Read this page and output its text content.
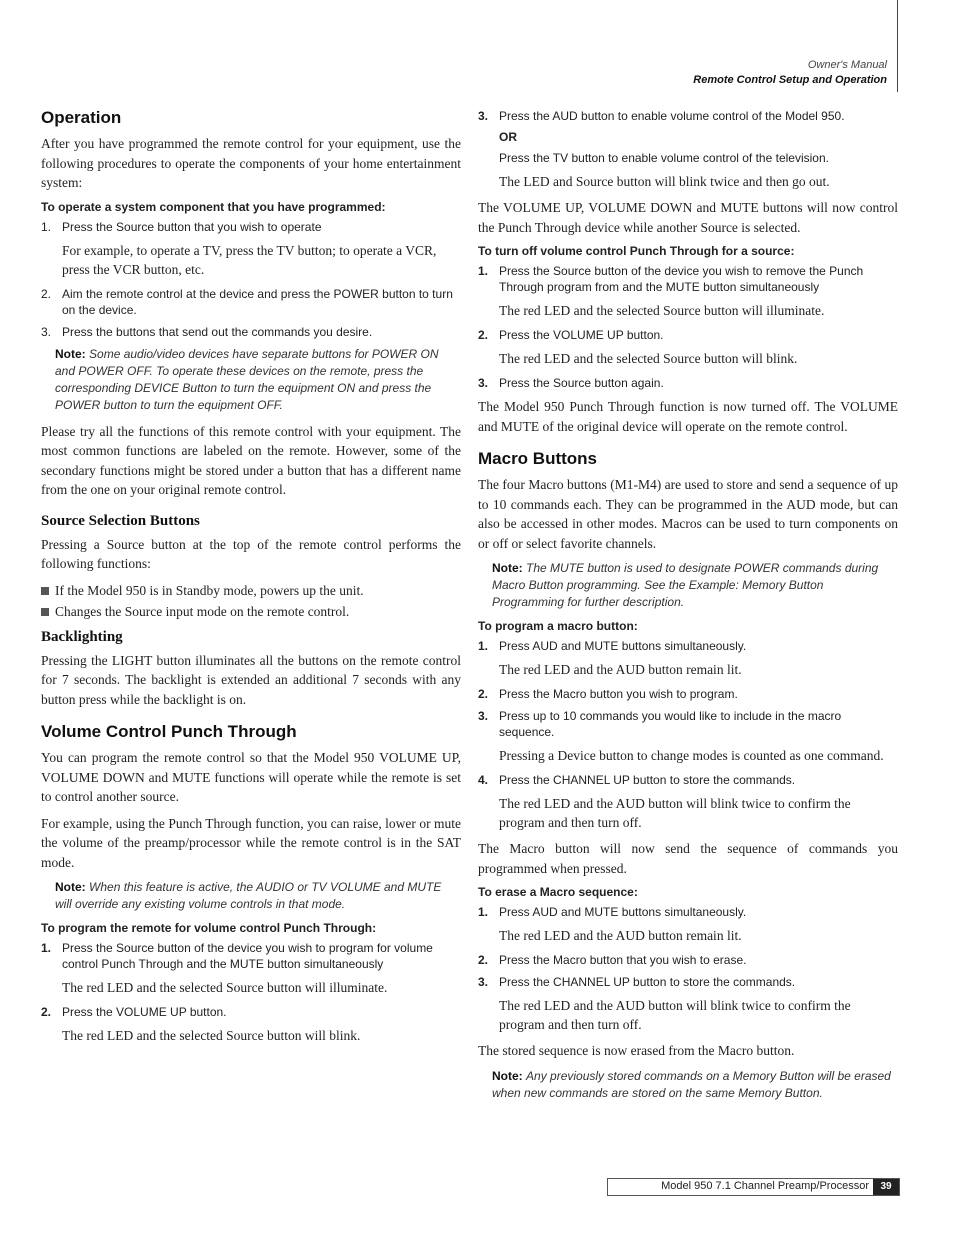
Owner's Manual
Remote Control Setup and Operation
Operation
After you have programmed the remote control for your equipment, use the following procedures to operate the components of your home entertainment system:
To operate a system component that you have programmed:
1. Press the Source button that you wish to operate
For example, to operate a TV, press the TV button; to operate a VCR, press the VCR button, etc.
2. Aim the remote control at the device and press the POWER button to turn on the device.
3. Press the buttons that send out the commands you desire.
Note: Some audio/video devices have separate buttons for POWER ON and POWER OFF. To operate these devices on the remote, press the corresponding DEVICE Button to turn the equipment ON and press the POWER button to turn the equipment OFF.
Please try all the functions of this remote control with your equipment. The most common functions are labeled on the remote. However, some of the secondary functions might be stored under a button that has a different name from the one on your original remote control.
Source Selection Buttons
Pressing a Source button at the top of the remote control performs the following functions:
If the Model 950 is in Standby mode, powers up the unit.
Changes the Source input mode on the remote control.
Backlighting
Pressing the LIGHT button illuminates all the buttons on the remote control for 7 seconds. The backlight is extended an additional 7 seconds with any button press while the backlight is on.
Volume Control Punch Through
You can program the remote control so that the Model 950 VOLUME UP, VOLUME DOWN and MUTE functions will operate while the remote is set to control another source.
For example, using the Punch Through function, you can raise, lower or mute the volume of the preamp/processor while the remote control is in the SAT mode.
Note: When this feature is active, the AUDIO or TV VOLUME and MUTE will override any existing volume controls in that mode.
To program the remote for volume control Punch Through:
1. Press the Source button of the device you wish to program for volume control Punch Through and the MUTE button simultaneously
The red LED and the selected Source button will illuminate.
2. Press the VOLUME UP button.
The red LED and the selected Source button will blink.
3. Press the AUD button to enable volume control of the Model 950.
OR
Press the TV button to enable volume control of the television.
The LED and Source button will blink twice and then go out.
The VOLUME UP, VOLUME DOWN and MUTE buttons will now control the Punch Through device while another Source is selected.
To turn off volume control Punch Through for a source:
1. Press the Source button of the device you wish to remove the Punch Through program from and the MUTE button simultaneously
The red LED and the selected Source button will illuminate.
2. Press the VOLUME UP button.
The red LED and the selected Source button will blink.
3. Press the Source button again.
The Model 950 Punch Through function is now turned off. The VOLUME and MUTE of the original device will operate on the remote control.
Macro Buttons
The four Macro buttons (M1-M4) are used to store and send a sequence of up to 10 commands each. They can be programmed in the AUD mode, but can also be accessed in other modes. Macros can be used to turn components on or off or select favorite channels.
Note: The MUTE button is used to designate POWER commands during Macro Button programming. See the Example: Memory Button Programming for further description.
To program a macro button:
1. Press AUD and MUTE buttons simultaneously.
The red LED and the AUD button remain lit.
2. Press the Macro button you wish to program.
3. Press up to 10 commands you would like to include in the macro sequence.
Pressing a Device button to change modes is counted as one command.
4. Press the CHANNEL UP button to store the commands.
The red LED and the AUD button will blink twice to confirm the program and then turn off.
The Macro button will now send the sequence of commands you programmed when pressed.
To erase a Macro sequence:
1. Press AUD and MUTE buttons simultaneously.
The red LED and the AUD button remain lit.
2. Press the Macro button that you wish to erase.
3. Press the CHANNEL UP button to store the commands.
The red LED and the AUD button will blink twice to confirm the program and then turn off.
The stored sequence is now erased from the Macro button.
Note: Any previously stored commands on a Memory Button will be erased when new commands are stored on the same Memory Button.
Model 950 7.1 Channel Preamp/Processor	39
